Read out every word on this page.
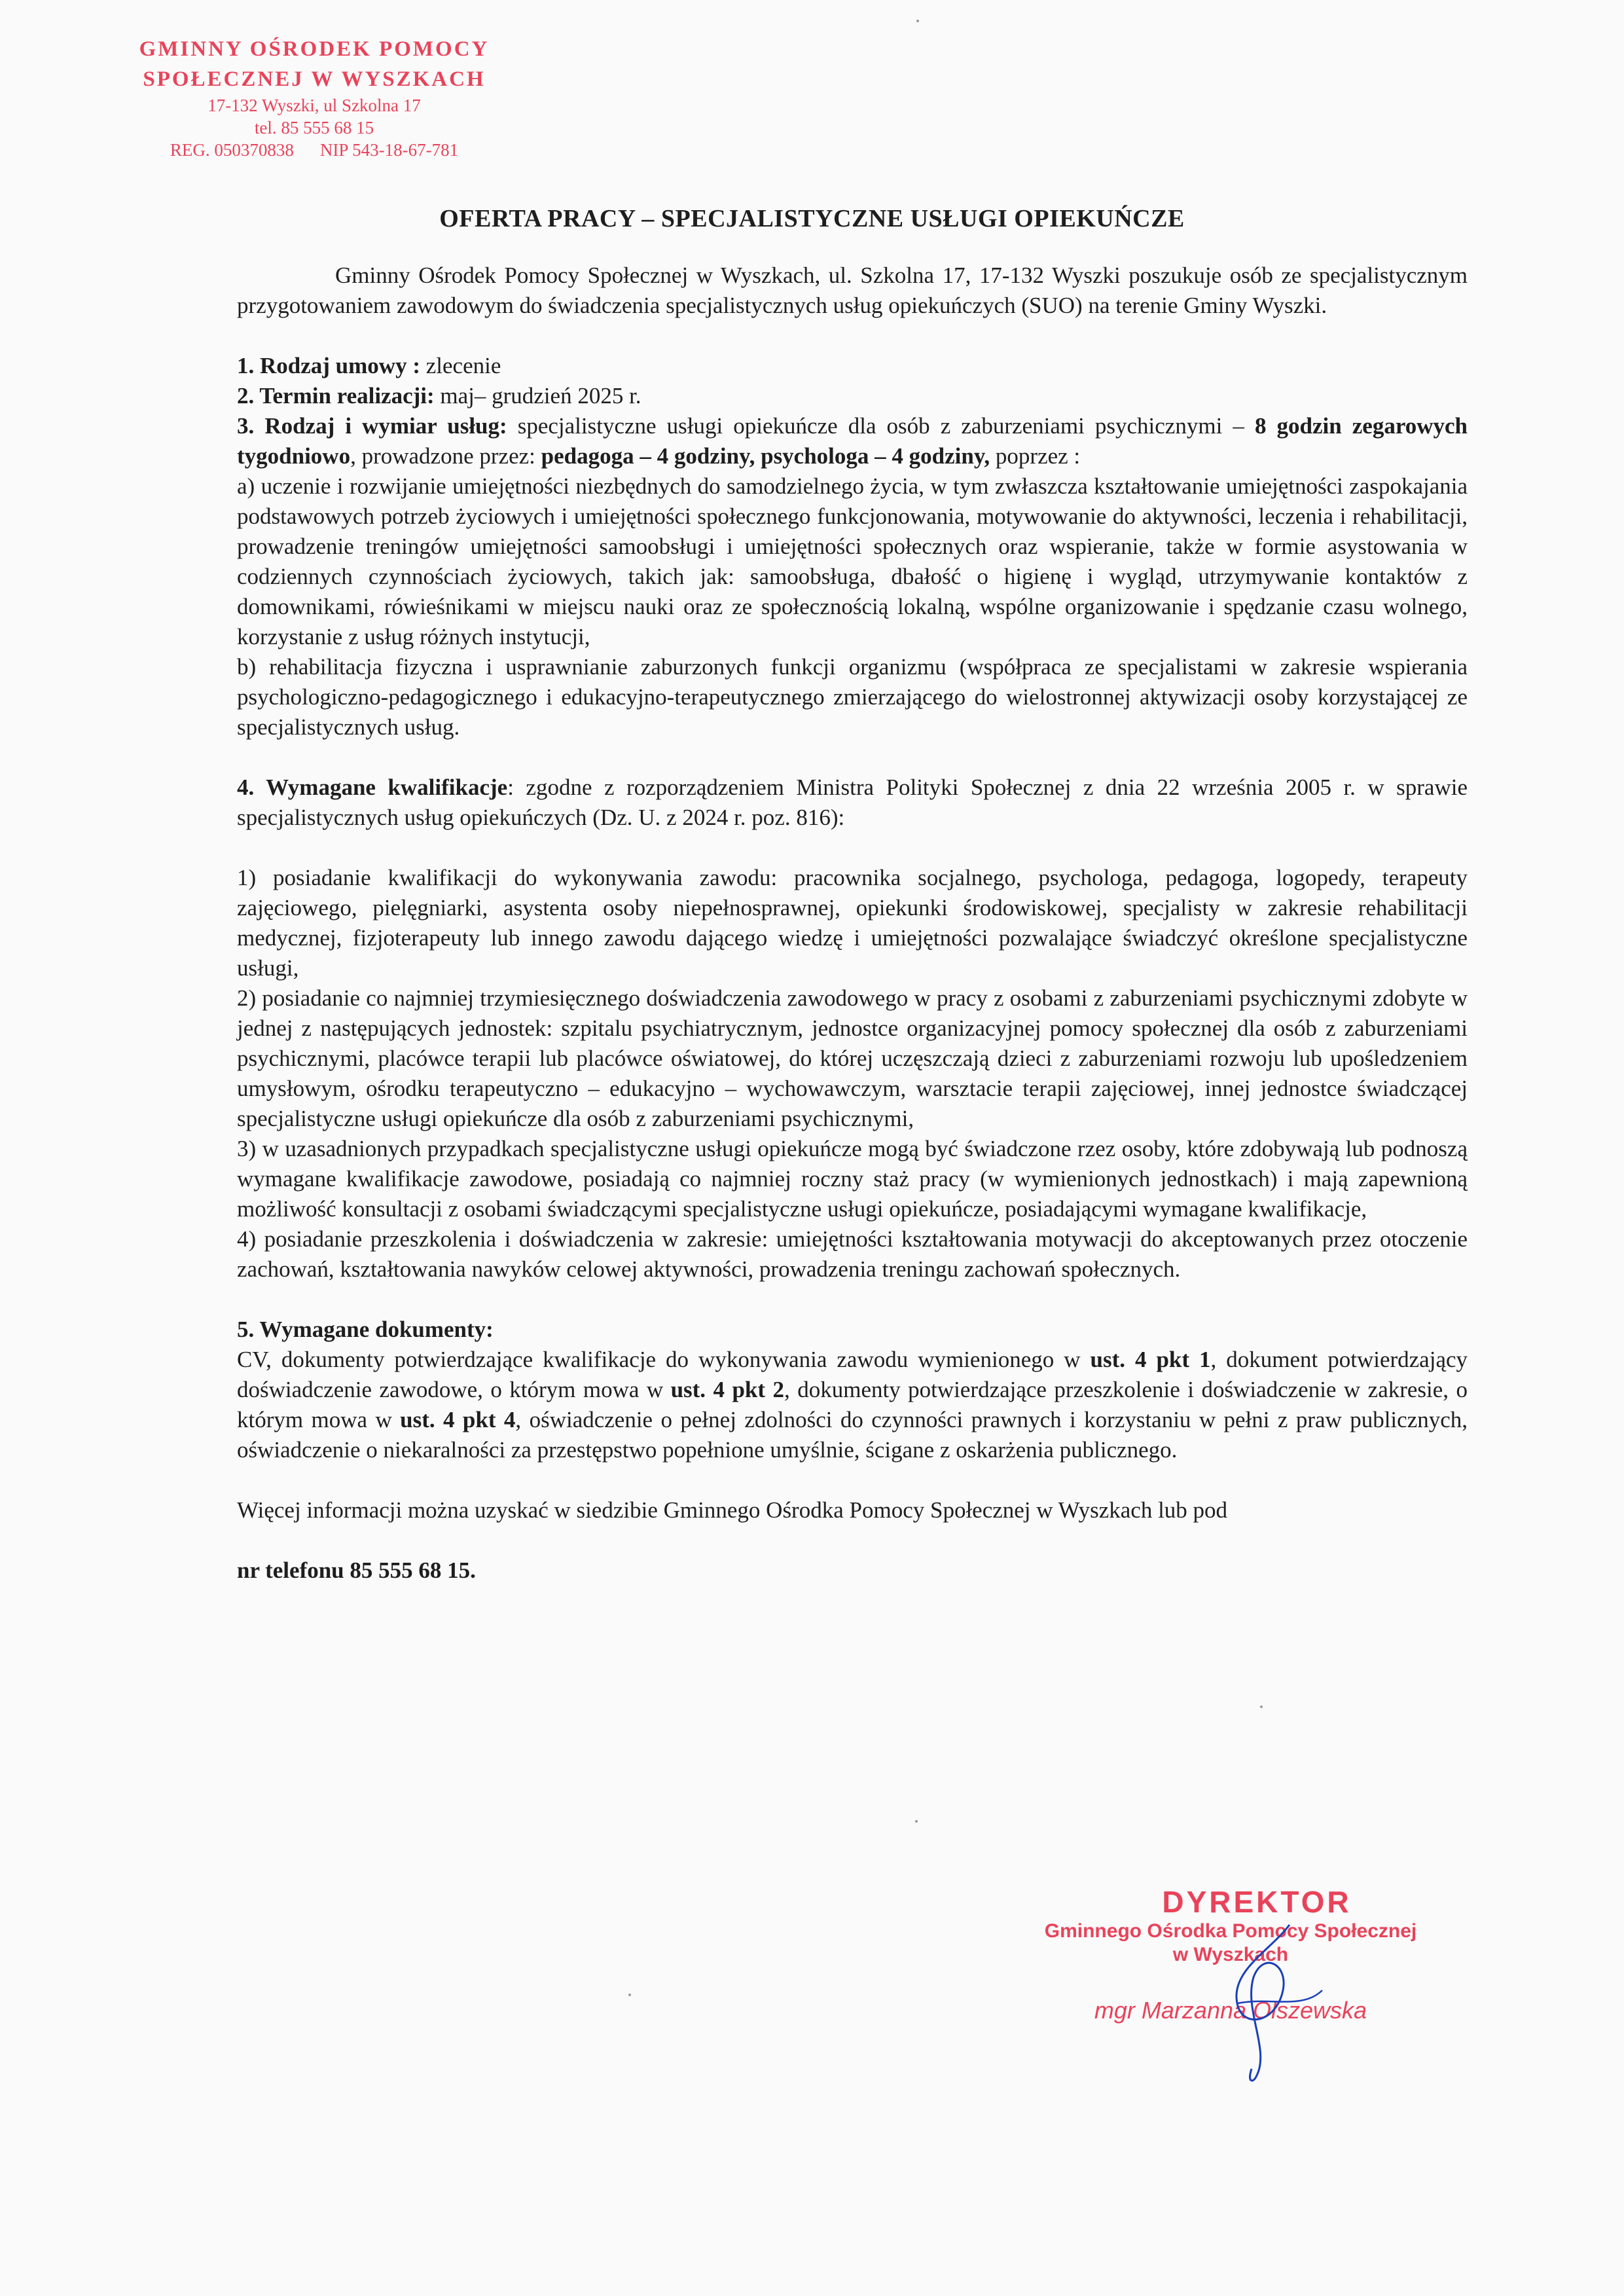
GMINNY OŚRODEK POMOCY
SPOŁECZNEJ W WYSZKACH
17-132 Wyszki, ul Szkolna 17
tel. 85 555 68 15
REG. 050370838 NIP 543-18-67-781
OFERTA PRACY – SPECJALISTYCZNE USŁUGI OPIEKUŃCZE

Gminny Ośrodek Pomocy Społecznej w Wyszkach, ul. Szkolna 17, 17-132 Wyszki poszukuje osób ze specjalistycznym przygotowaniem zawodowym do świadczenia specjalistycznych usług opiekuńczych (SUO) na terenie Gminy Wyszki.

1. Rodzaj umowy : zlecenie

2. Termin realizacji: maj– grudzień 2025 r.

3. Rodzaj i wymiar usług: specjalistyczne usługi opiekuńcze dla osób z zaburzeniami psychicznymi – 8 godzin zegarowych tygodniowo, prowadzone przez: pedagoga – 4 godziny, psychologa – 4 godziny, poprzez :

a) uczenie i rozwijanie umiejętności niezbędnych do samodzielnego życia, w tym zwłaszcza kształtowanie umiejętności zaspokajania podstawowych potrzeb życiowych i umiejętności społecznego funkcjonowania, motywowanie do aktywności, leczenia i rehabilitacji, prowadzenie treningów umiejętności samoobsługi i umiejętności społecznych oraz wspieranie, także w formie asystowania w codziennych czynnościach życiowych, takich jak: samoobsługa, dbałość o higienę i wygląd, utrzymywanie kontaktów z domownikami, rówieśnikami w miejscu nauki oraz ze społecznością lokalną, wspólne organizowanie i spędzanie czasu wolnego, korzystanie z usług różnych instytucji,

b) rehabilitacja fizyczna i usprawnianie zaburzonych funkcji organizmu (współpraca ze specjalistami w zakresie wspierania psychologiczno-pedagogicznego i edukacyjno-terapeutycznego zmierzającego do wielostronnej aktywizacji osoby korzystającej ze specjalistycznych usług.

4. Wymagane kwalifikacje: zgodne z rozporządzeniem Ministra Polityki Społecznej z dnia 22 września 2005 r. w sprawie specjalistycznych usług opiekuńczych (Dz. U. z 2024 r. poz. 816):

1) posiadanie kwalifikacji do wykonywania zawodu: pracownika socjalnego, psychologa, pedagoga, logopedy, terapeuty zajęciowego, pielęgniarki, asystenta osoby niepełnosprawnej, opiekunki środowiskowej, specjalisty w zakresie rehabilitacji medycznej, fizjoterapeuty lub innego zawodu dającego wiedzę i umiejętności pozwalające świadczyć określone specjalistyczne usługi,

2) posiadanie co najmniej trzymiesięcznego doświadczenia zawodowego w pracy z osobami z zaburzeniami psychicznymi zdobyte w jednej z następujących jednostek: szpitalu psychiatrycznym, jednostce organizacyjnej pomocy społecznej dla osób z zaburzeniami psychicznymi, placówce terapii lub placówce oświatowej, do której uczęszczają dzieci z zaburzeniami rozwoju lub upośledzeniem umysłowym, ośrodku terapeutyczno – edukacyjno – wychowawczym, warsztacie terapii zajęciowej, innej jednostce świadczącej specjalistyczne usługi opiekuńcze dla osób z zaburzeniami psychicznymi,

3) w uzasadnionych przypadkach specjalistyczne usługi opiekuńcze mogą być świadczone rzez osoby, które zdobywają lub podnoszą wymagane kwalifikacje zawodowe, posiadają co najmniej roczny staż pracy (w wymienionych jednostkach) i mają zapewnioną możliwość konsultacji z osobami świadczącymi specjalistyczne usługi opiekuńcze, posiadającymi wymagane kwalifikacje,

4) posiadanie przeszkolenia i doświadczenia w zakresie: umiejętności kształtowania motywacji do akceptowanych przez otoczenie zachowań, kształtowania nawyków celowej aktywności, prowadzenia treningu zachowań społecznych.

5. Wymagane dokumenty:

CV, dokumenty potwierdzające kwalifikacje do wykonywania zawodu wymienionego w ust. 4 pkt 1, dokument potwierdzający doświadczenie zawodowe, o którym mowa w ust. 4 pkt 2, dokumenty potwierdzające przeszkolenie i doświadczenie w zakresie, o którym mowa w ust. 4 pkt 4, oświadczenie o pełnej zdolności do czynności prawnych i korzystaniu w pełni z praw publicznych, oświadczenie o niekaralności za przestępstwo popełnione umyślnie, ścigane z oskarżenia publicznego.

Więcej informacji można uzyskać w siedzibie Gminnego Ośrodka Pomocy Społecznej w Wyszkach lub pod

nr telefonu 85 555 68 15.

DYREKTOR
Gminnego Ośrodka Pomocy Społecznej
w Wyszkach
mgr Marzanna Olszewska
